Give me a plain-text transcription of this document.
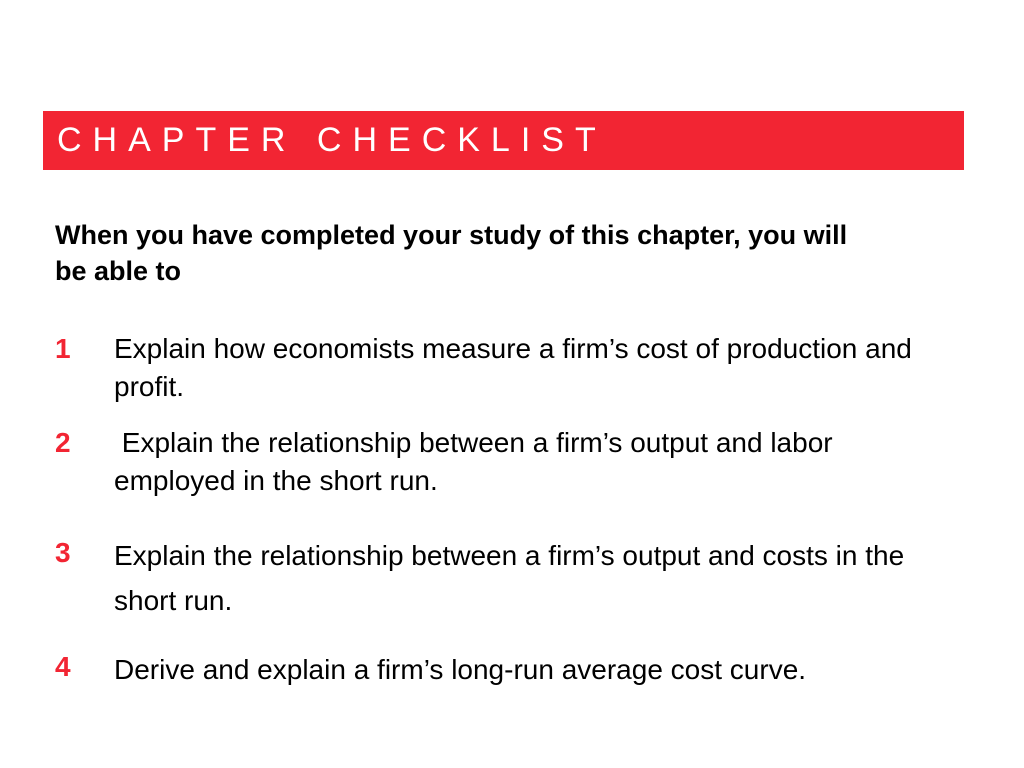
CHAPTER CHECKLIST

When you have completed your study of this chapter, you will be able to

1 Explain how economists measure a firm’s cost of production and profit.
2 Explain the relationship between a firm’s output and labor employed in the short run.
3 Explain the relationship between a firm’s output and costs in the short run.
4 Derive and explain a firm’s long-run average cost curve.
